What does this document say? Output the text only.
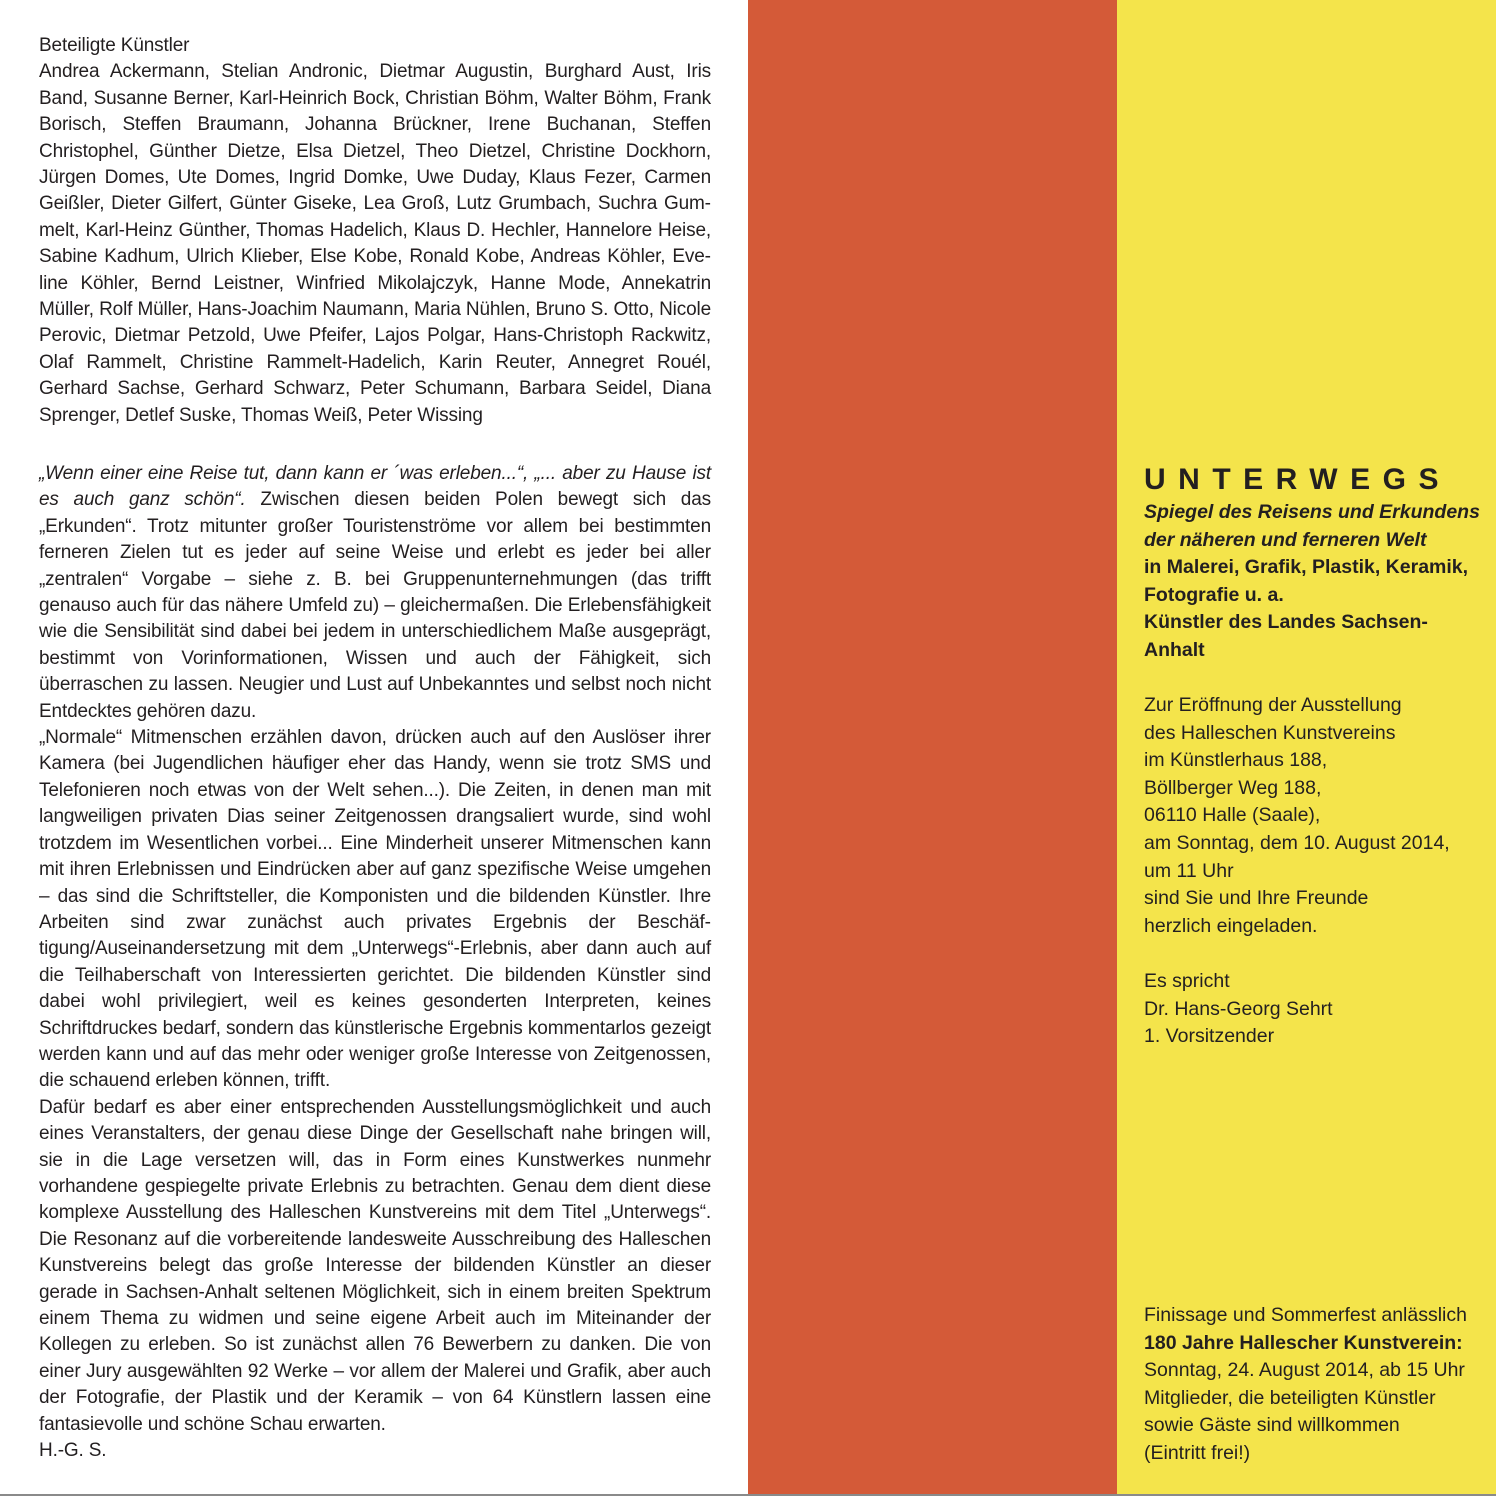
Beteiligte Künstler
Andrea Ackermann, Stelian Andronic, Dietmar Augustin, Burghard Aust, Iris Band, Susanne Berner, Karl-Heinrich Bock, Christian Böhm, Walter Böhm, Frank Borisch, Steffen Braumann, Johanna Brückner, Irene Buchanan, Steffen Christophel, Günther Dietze, Elsa Dietzel, Theo Dietzel, Christine Dockhorn, Jürgen Domes, Ute Domes, Ingrid Domke, Uwe Duday, Klaus Fezer, Carmen Geißler, Dieter Gilfert, Günter Giseke, Lea Groß, Lutz Grumbach, Suchra Gummelt, Karl-Heinz Günther, Thomas Hadelich, Klaus D. Hechler, Hannelore Heise, Sabine Kadhum, Ulrich Klieber, Else Kobe, Ronald Kobe, Andreas Köhler, Eveline Köhler, Bernd Leistner, Winfried Mikolajczyk, Hanne Mode, Annekatrin Müller, Rolf Müller, Hans-Joachim Naumann, Maria Nühlen, Bruno S. Otto, Nicole Perovic, Dietmar Petzold, Uwe Pfeifer, Lajos Polgar, Hans-Christoph Rackwitz, Olaf Rammelt, Christine Rammelt-Hadelich, Karin Reuter, Annegret Rouél, Gerhard Sachse, Gerhard Schwarz, Peter Schumann, Barbara Seidel, Diana Sprenger, Detlef Suske, Thomas Weiß, Peter Wissing
„Wenn einer eine Reise tut, dann kann er ´was erleben...“, „... aber zu Hause ist es auch ganz schön“. Zwischen diesen beiden Polen bewegt sich das „Erkunden“. Trotz mitunter großer Touristenströme vor allem bei bestimmten ferneren Zielen tut es jeder auf seine Weise und erlebt es jeder bei aller „zentralen“ Vorgabe – siehe z. B. bei Gruppenunternehmungen (das trifft genauso auch für das nähere Umfeld zu) – gleichermaßen. Die Erlebensfähigkeit wie die Sensibilität sind dabei bei jedem in unterschiedlichem Maße ausgeprägt, bestimmt von Vorinformationen, Wissen und auch der Fähigkeit, sich überraschen zu lassen. Neugier und Lust auf Unbekanntes und selbst noch nicht Entdecktes gehören dazu.
„Normale“ Mitmenschen erzählen davon, drücken auch auf den Auslöser ihrer Kamera (bei Jugendlichen häufiger eher das Handy, wenn sie trotz SMS und Telefonieren noch etwas von der Welt sehen...). Die Zeiten, in denen man mit langweiligen privaten Dias seiner Zeitgenossen drangsaliert wurde, sind wohl trotzdem im Wesentlichen vorbei... Eine Minderheit unserer Mitmenschen kann mit ihren Erlebnissen und Eindrücken aber auf ganz spezifische Weise umgehen – das sind die Schriftsteller, die Komponisten und die bildenden Künstler. Ihre Arbeiten sind zwar zunächst auch privates Ergebnis der Beschäftigung/Auseinandersetzung mit dem „Unterwegs“-Erlebnis, aber dann auch auf die Teilhaberschaft von Interessierten gerichtet. Die bildenden Künstler sind dabei wohl privilegiert, weil es keines gesonderten Interpreten, keines Schriftdruckes bedarf, sondern das künstlerische Ergebnis kommentarlos gezeigt werden kann und auf das mehr oder weniger große Interesse von Zeitgenossen, die schauend erleben können, trifft.
Dafür bedarf es aber einer entsprechenden Ausstellungsmöglichkeit und auch eines Veranstalters, der genau diese Dinge der Gesellschaft nahe bringen will, sie in die Lage versetzen will, das in Form eines Kunstwerkes nunmehr vorhandene gespiegelte private Erlebnis zu betrachten. Genau dem dient diese komplexe Ausstellung des Halleschen Kunstvereins mit dem Titel „Unterwegs“. Die Resonanz auf die vorbereitende landesweite Ausschreibung des Halleschen Kunstvereins belegt das große Interesse der bildenden Künstler an dieser gerade in Sachsen-Anhalt seltenen Möglichkeit, sich in einem breiten Spektrum einem Thema zu widmen und seine eigene Arbeit auch im Miteinander der Kollegen zu erleben. So ist zunächst allen 76 Bewerbern zu danken. Die von einer Jury ausgewählten 92 Werke – vor allem der Malerei und Grafik, aber auch der Fotografie, der Plastik und der Keramik – von 64 Künstlern lassen eine fantasievolle und schöne Schau erwarten.
H.-G. S.
UNTERWEGS
Spiegel des Reisens und Erkundens
der näheren und ferneren Welt
in Malerei, Grafik, Plastik, Keramik,
Fotografie u. a.
Künstler des Landes Sachsen-
Anhalt
Zur Eröffnung der Ausstellung
des Halleschen Kunstvereins
im Künstlerhaus 188,
Böllberger Weg 188,
06110 Halle (Saale),
am Sonntag, dem 10. August 2014,
um 11 Uhr
sind Sie und Ihre Freunde
herzlich eingeladen.
Es spricht
Dr. Hans-Georg Sehrt
1. Vorsitzender
Finissage und Sommerfest anlässlich
180 Jahre Hallescher Kunstverein:
Sonntag, 24. August 2014, ab 15 Uhr
Mitglieder, die beteiligten Künstler
sowie Gäste sind willkommen
(Eintritt frei!)
